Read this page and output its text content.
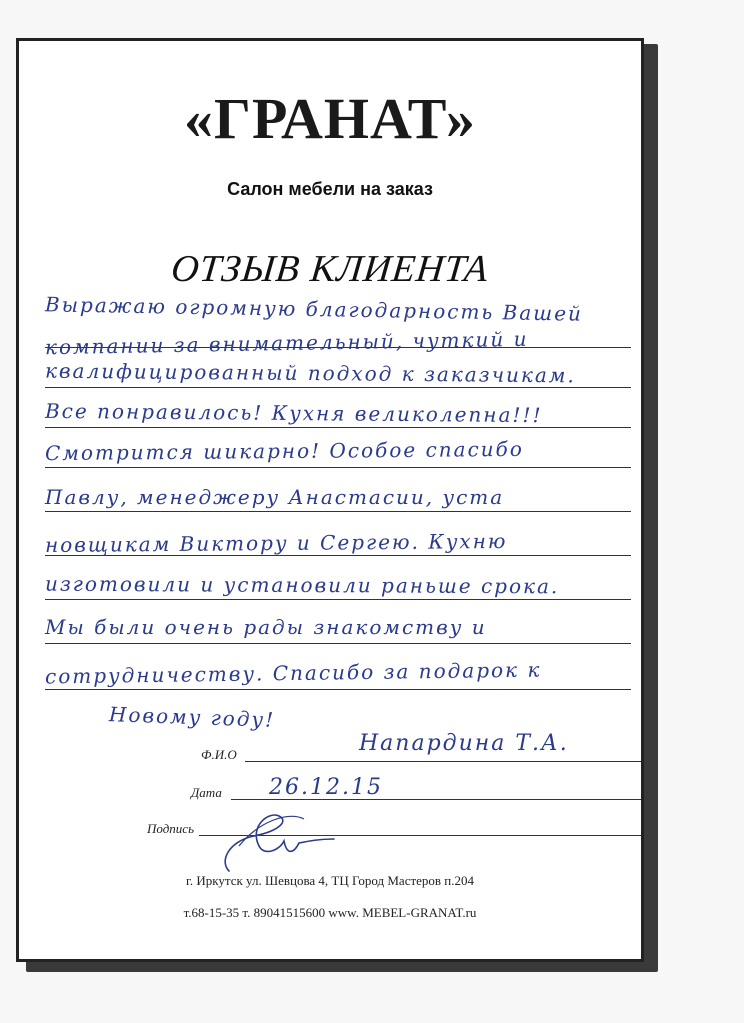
«ГРАНАТ»
Салон мебели на заказ
ОТЗЫВ КЛИЕНТА
Выражаю огромную благодарность Вашей
компании за внимательный, чуткий и
квалифицированный подход к заказчикам.
Все понравилось! Кухня великолепна!!!
Смотрится шикарно! Особое спасибо
Павлу, менеджеру Анастасии, уста
новщикам Виктору и Сергею. Кухню
изготовили и установили раньше срока.
Мы были очень рады знакомству и
сотрудничеству. Спасибо за подарок к
Новому году!
Ф.И.О	Напардина Т.А.
Дата 26.12.15
Подпись
г. Иркутск ул. Шевцова 4, ТЦ Город Мастеров п.204
т.68-15-35 т. 89041515600 www. MEBEL-GRANAT.ru
